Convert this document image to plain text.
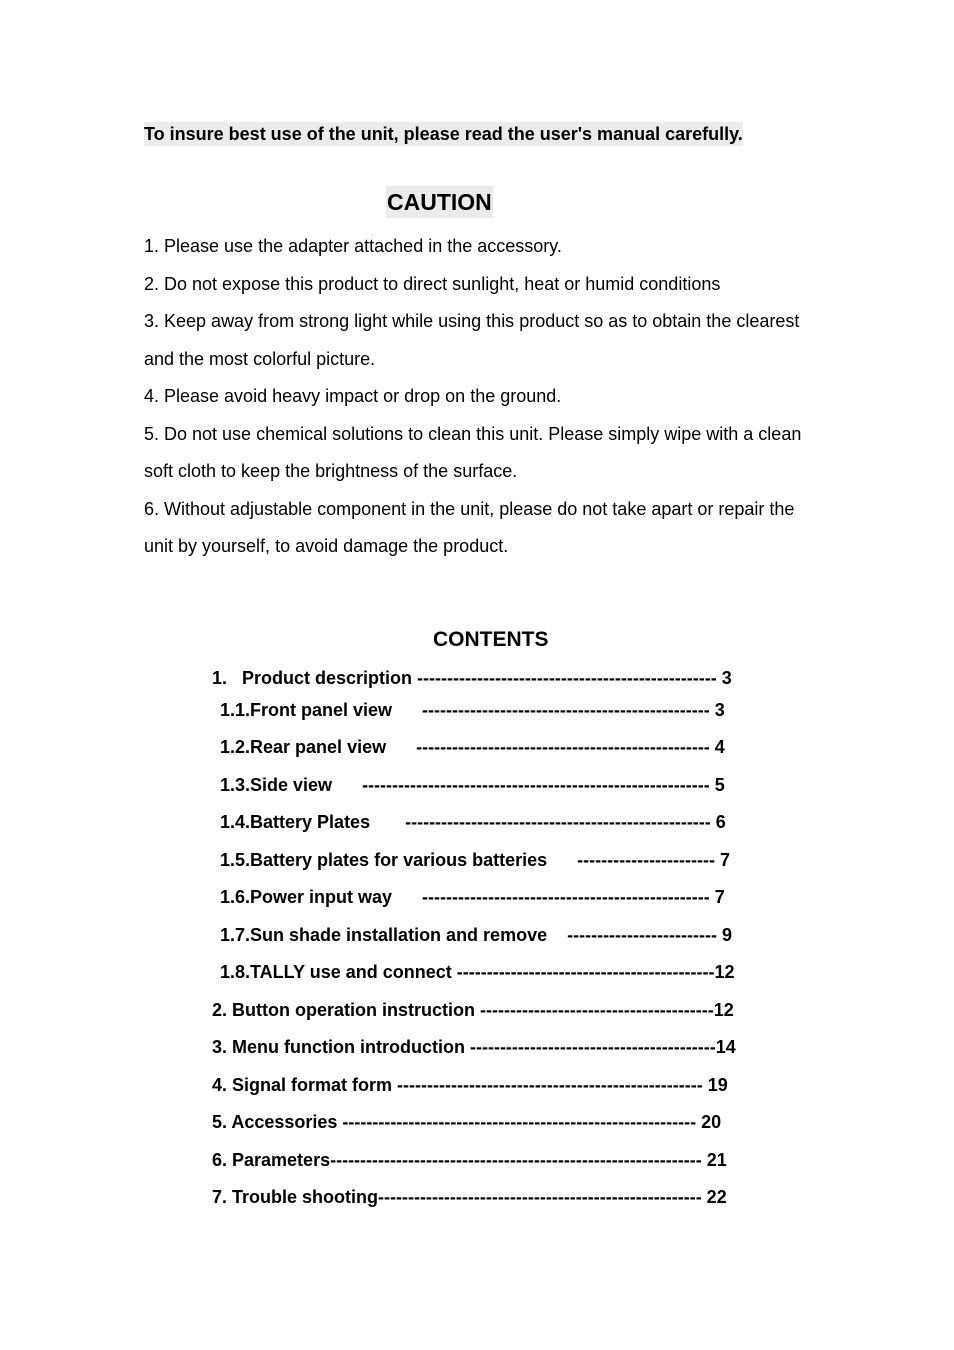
To insure best use of the unit, please read the user's manual carefully.
CAUTION
1. Please use the adapter attached in the accessory.
2. Do not expose this product to direct sunlight, heat or humid conditions
3. Keep away from strong light while using this product so as to obtain the clearest and the most colorful picture.
4. Please avoid heavy impact or drop on the ground.
5. Do not use chemical solutions to clean this unit. Please simply wipe with a clean soft cloth to keep the brightness of the surface.
6. Without adjustable component in the unit, please do not take apart or repair the unit by yourself, to avoid damage the product.
CONTENTS
1.   Product description -------------------------------------------------- 3
1.1.Front panel view      ------------------------------------------------ 3
1.2.Rear panel view      ------------------------------------------------- 4
1.3.Side view      ---------------------------------------------------------- 5
1.4.Battery Plates       --------------------------------------------------- 6
1.5.Battery plates for various batteries      ----------------------- 7
1.6.Power input way      ------------------------------------------------ 7
1.7.Sun shade installation and remove    ------------------------- 9
1.8.TALLY use and connect -------------------------------------------12
2. Button operation instruction ---------------------------------------12
3. Menu function introduction -----------------------------------------14
4. Signal format form --------------------------------------------------- 19
5. Accessories ----------------------------------------------------------- 20
6. Parameters-------------------------------------------------------------- 21
7. Trouble shooting------------------------------------------------------ 22
